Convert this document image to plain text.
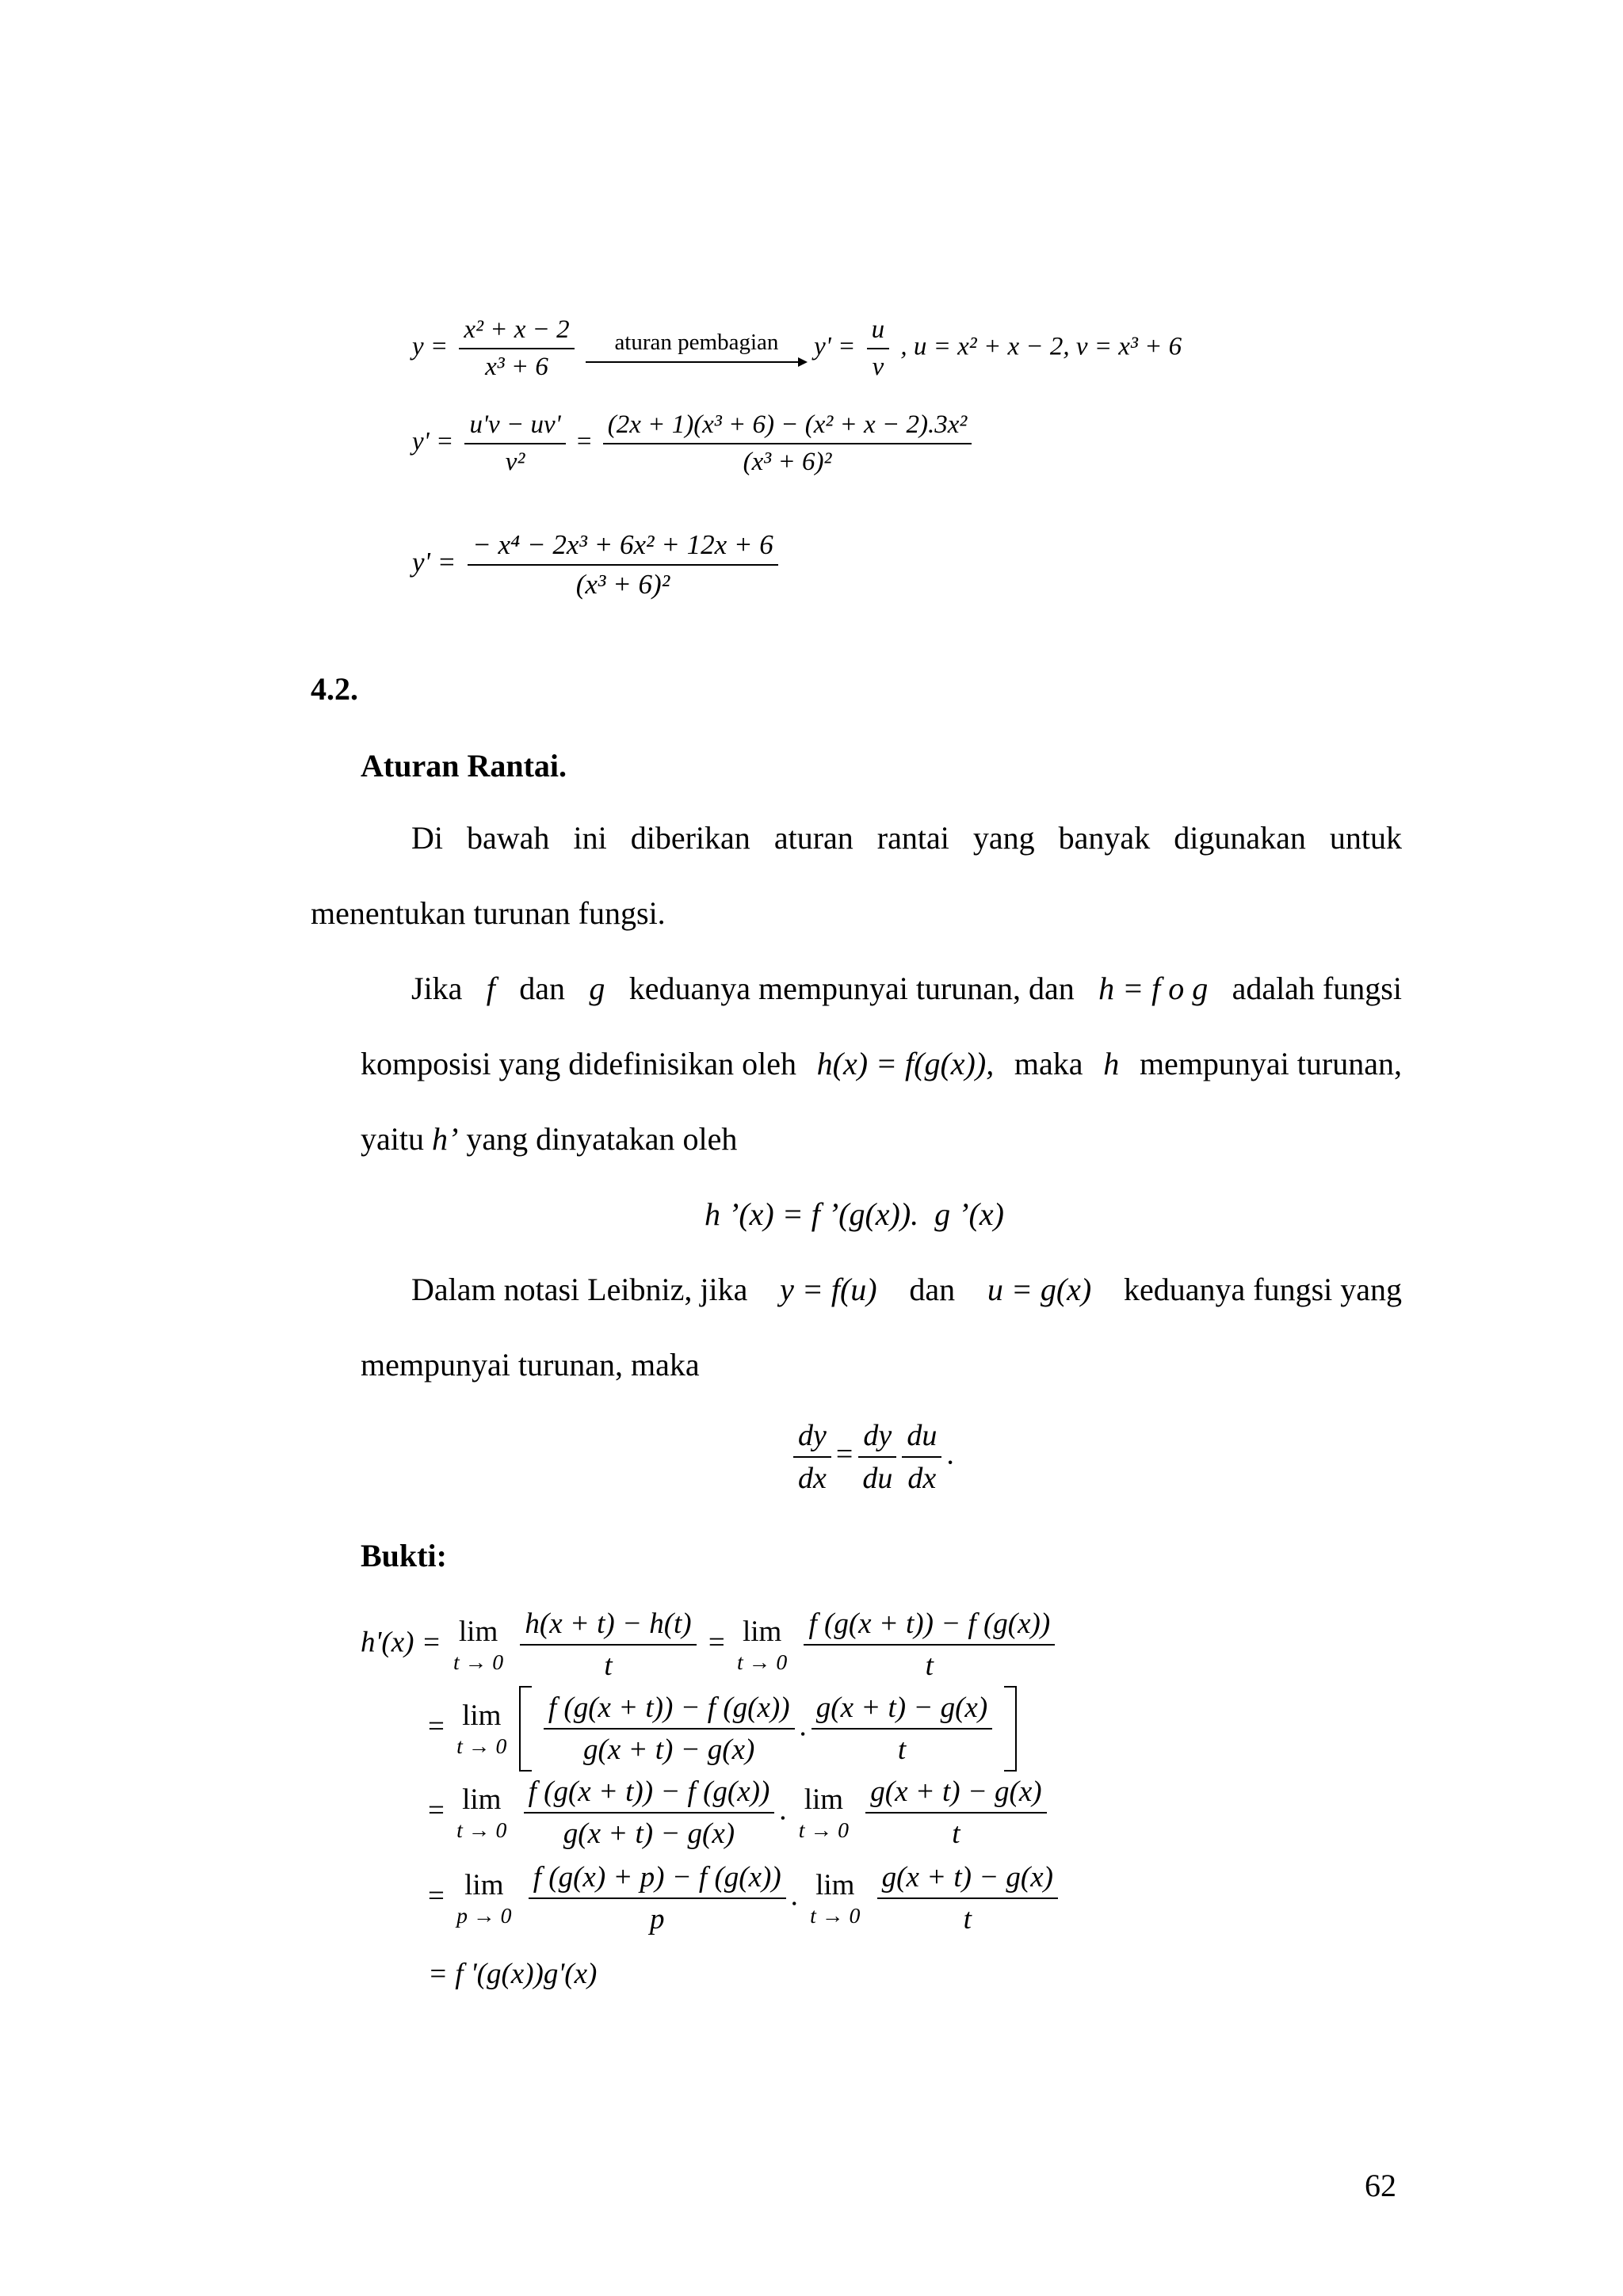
$y = \frac{\text{x² + x − 2}}{\text{x³ + 6}}$
aturan pembagian $y' = \frac{u}{v}$ , u = x² + x − 2, v = x³ + 6
$y' = \frac{u'v - uv'}{\text{v²}} = \frac{\text{(2x + 1)(x³ + 6) − (x² + x − 2).3x²}}{\text{(x³ + 6)²}}$
$y' = \frac{\text{− x⁴ − 2x³ + 6x² + 12x + 6}}{\text{(x³ + 6)²}}$
4.2.
Aturan Rantai.
Di bawah ini diberikan aturan rantai yang banyak digunakan untuk
menentukan turunan fungsi.
Jika f dan g keduanya mempunyai turunan, dan h = f o g adalah fungsi
komposisi yang didefinisikan oleh h(x) = f(g(x)), maka h mempunyai turunan,
yaitu h’ yang dinyatakan oleh
h ’(x) = f ’(g(x)).  g ’(x)
Dalam notasi Leibniz, jika y = f(u) dan u = g(x) keduanya fungsi yang
mempunyai turunan, maka
$\frac{dy}{dx} = \frac{dy}{du} \frac{du}{dx}$ .
Bukti:
h'(x) = lim
t → 0
$\frac{h(x + t) - h(t)}{t} = \lim$
t → 0
$\frac{f (g(x + t)) - f (g(x))}{t}$
= lim
t → 0
$\frac{f (g(x + t)) - f (g(x))}{g(x + t) - g(x)}$ . $\frac{g(x + t) - g(x)}{t}$

= lim
t → 0
$\frac{f (g(x + t)) - f (g(x))}{g(x + t) - g(x)}$ . lim
t → 0
$\frac{g(x + t) - g(x)}{t}$
= lim
p → 0
$\frac{f (g(x) + p) - f (g(x))}{p}$ . lim
t → 0
$\frac{g(x + t) - g(x)}{t}$
= f '(g(x))g'(x)
62
